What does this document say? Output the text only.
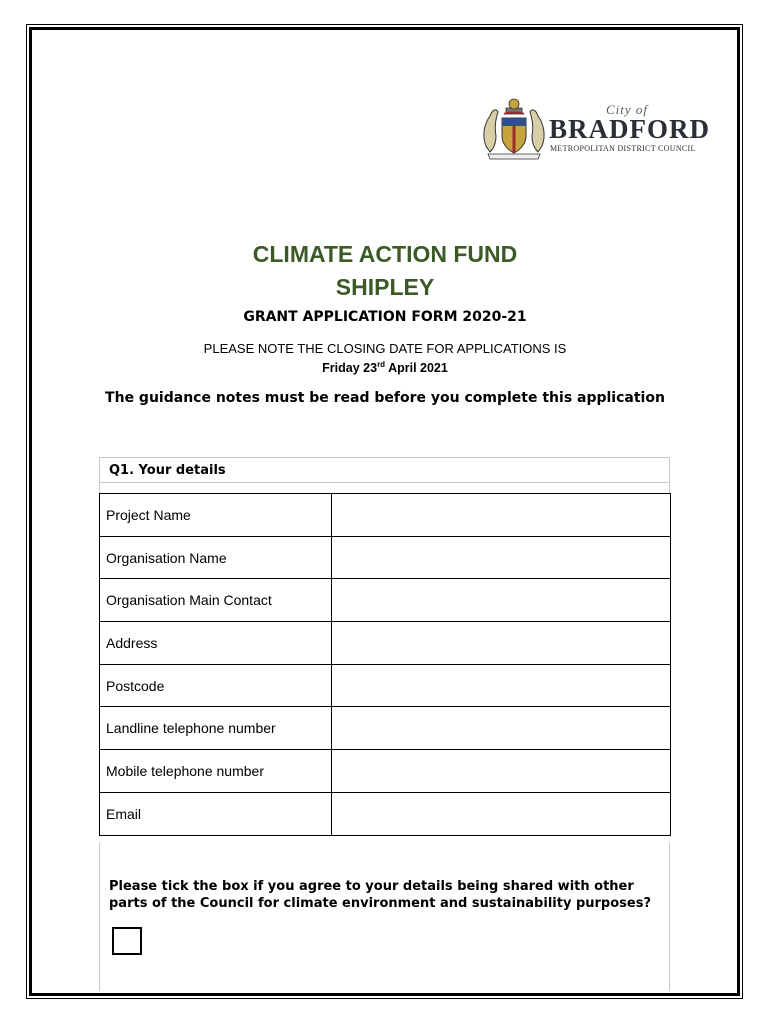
City of
BRADFORD
METROPOLITAN DISTRICT COUNCIL
CLIMATE ACTION FUND
SHIPLEY
GRANT APPLICATION FORM 2020-21
PLEASE NOTE THE CLOSING DATE FOR APPLICATIONS IS
Friday 23rd April 2021
The guidance notes must be read before you complete this application
Q1. Your details
Project Name	
Organisation Name	
Organisation Main Contact	
Address	
Postcode	
Landline telephone number	
Mobile telephone number	
Email	
Please tick the box if you agree to your details being shared with other parts of the Council for climate environment and sustainability purposes?
